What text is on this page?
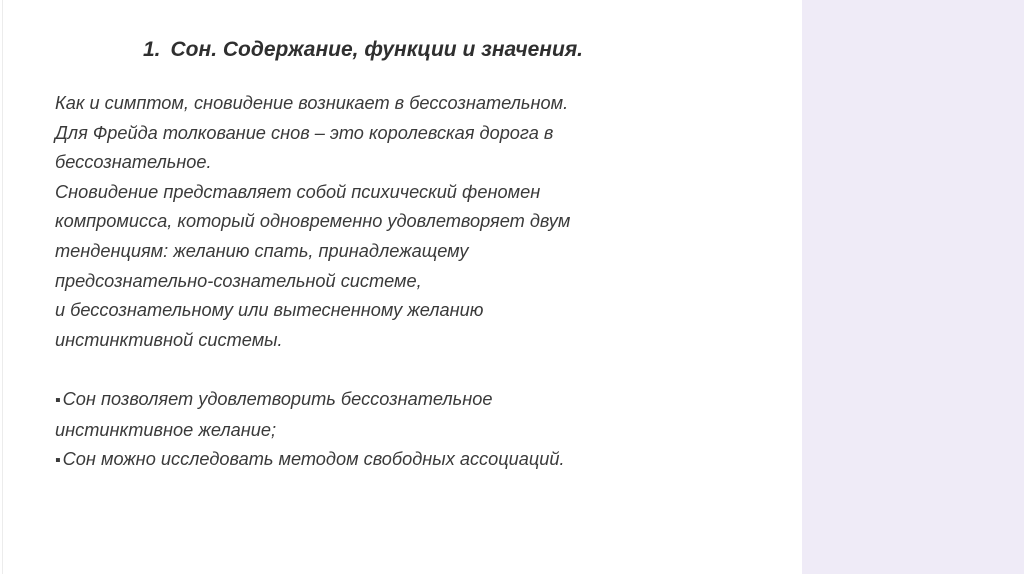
1. Сон. Содержание, функции и значения.
Как и симптом, сновидение возникает в бессознательном.
Для Фрейда толкование снов – это королевская дорога в
бессознательное.
Сновидение представляет собой психический феномен
компромисса, который одновременно удовлетворяет двум
тенденциям: желанию спать, принадлежащему
предсознательно-сознательной системе,
и бессознательному или вытесненному желанию
инстинктивной системы.
▪ Сон позволяет удовлетворить бессознательное
инстинктивное желание;
▪ Сон можно исследовать методом свободных ассоциаций.
